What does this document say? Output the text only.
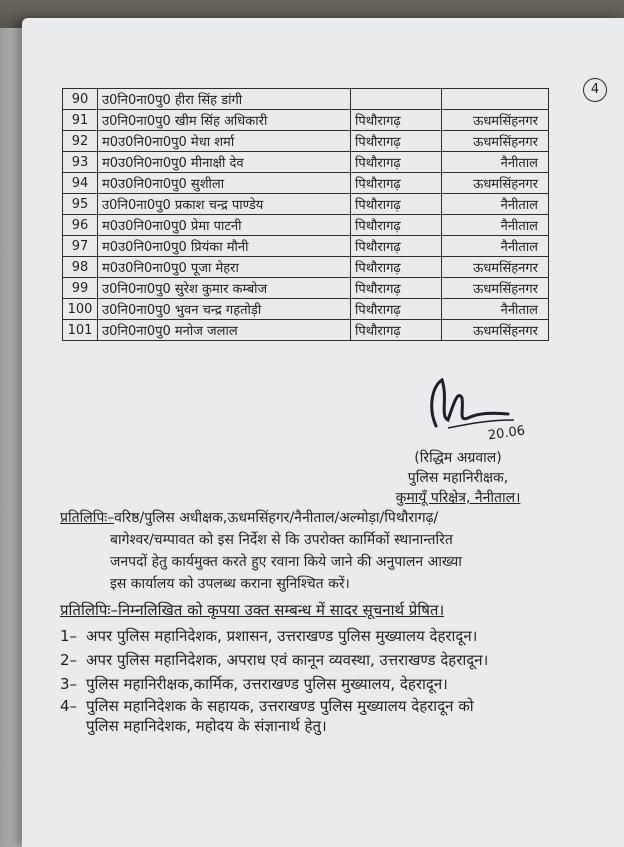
4
90	उ0नि0ना0पु0 हीरा सिंह डांगी		
91	उ0नि0ना0पु0 खीम सिंह अधिकारी	पिथौरागढ़	ऊधमसिंहनगर
92	म0उ0नि0ना0पु0 मेधा शर्मा	पिथौरागढ़	ऊधमसिंहनगर
93	म0उ0नि0ना0पु0 मीनाक्षी देव	पिथौरागढ़	नैनीताल
94	म0उ0नि0ना0पु0 सुशीला	पिथौरागढ़	ऊधमसिंहनगर
95	उ0नि0ना0पु0 प्रकाश चन्द्र पाण्डेय	पिथौरागढ़	नैनीताल
96	म0उ0नि0ना0पु0 प्रेमा पाटनी	पिथौरागढ़	नैनीताल
97	म0उ0नि0ना0पु0 प्रियंका मौनी	पिथौरागढ़	नैनीताल
98	म0उ0नि0ना0पु0 पूजा मेहरा	पिथौरागढ़	ऊधमसिंहनगर
99	उ0नि0ना0पु0 सुरेश कुमार कम्बोज	पिथौरागढ़	ऊधमसिंहनगर
100	उ0नि0ना0पु0 भुवन चन्द्र गहतोड़ी	पिथौरागढ़	नैनीताल
101	उ0नि0ना0पु0 मनोज जलाल	पिथौरागढ़	ऊधमसिंहनगर
20.06
(रिद्धिम अग्रवाल)
पुलिस महानिरीक्षक,
कुमायूँ परिक्षेत्र, नैनीताल।
प्रतिलिपिः–वरिष्ठ/पुलिस अधीक्षक,ऊधमसिंहगर/नैनीताल/अल्मोड़ा/पिथौरागढ़/
बागेश्वर/चम्पावत को इस निर्देश से कि उपरोक्त कार्मिकों स्थानान्तरित
जनपदों हेतु कार्यमुक्त करते हुए रवाना किये जाने की अनुपालन आख्या
इस कार्यालय को उपलब्ध कराना सुनिश्चित करें।
प्रतिलिपिः–निम्नलिखित को कृपया उक्त सम्बन्ध में सादर सूचनार्थ प्रेषित।
1– अपर पुलिस महानिदेशक, प्रशासन, उत्तराखण्ड पुलिस मुख्यालय देहरादून।
2– अपर पुलिस महानिदेशक, अपराध एवं कानून व्यवस्था, उत्तराखण्ड देहरादून।
3– पुलिस महानिरीक्षक,कार्मिक, उत्तराखण्ड पुलिस मुख्यालय, देहरादून।
4– पुलिस महानिदेशक के सहायक, उत्तराखण्ड पुलिस मुख्यालय देहरादून को
पुलिस महानिदेशक, महोदय के संज्ञानार्थ हेतु।
